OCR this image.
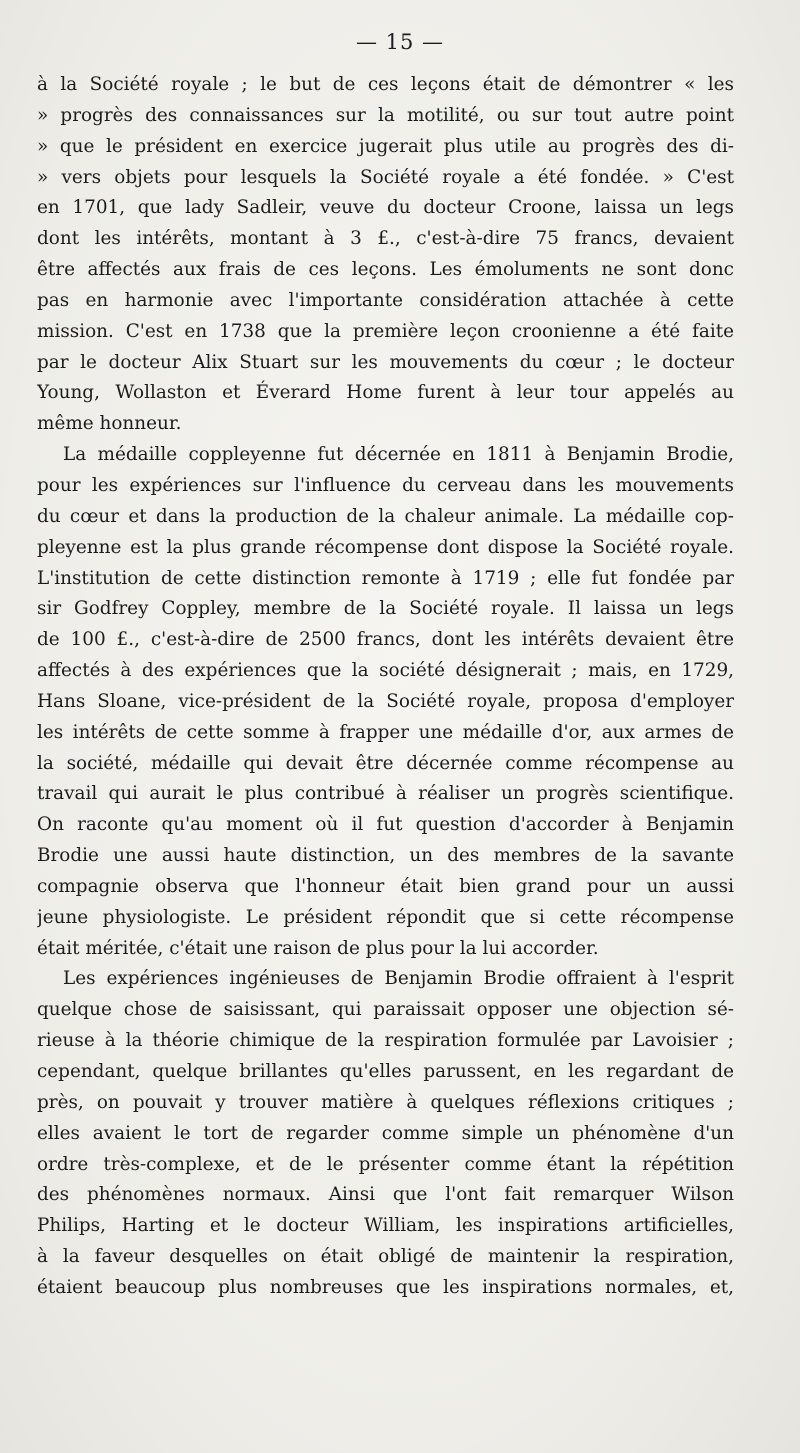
— 15 —
à la Société royale ; le but de ces leçons était de démontrer « les
» progrès des connaissances sur la motilité, ou sur tout autre point
» que le président en exercice jugerait plus utile au progrès des di-
» vers objets pour lesquels la Société royale a été fondée. » C'est
en 1701, que lady Sadleir, veuve du docteur Croone, laissa un legs
dont les intérêts, montant à 3 £., c'est-à-dire 75 francs, devaient
être affectés aux frais de ces leçons. Les émoluments ne sont donc
pas en harmonie avec l'importante considération attachée à cette
mission. C'est en 1738 que la première leçon croonienne a été faite
par le docteur Alix Stuart sur les mouvements du cœur ; le docteur
Young, Wollaston et Éverard Home furent à leur tour appelés au
même honneur.
La médaille coppleyenne fut décernée en 1811 à Benjamin Brodie,
pour les expériences sur l'influence du cerveau dans les mouvements
du cœur et dans la production de la chaleur animale. La médaille cop-
pleyenne est la plus grande récompense dont dispose la Société royale.
L'institution de cette distinction remonte à 1719 ; elle fut fondée par
sir Godfrey Coppley, membre de la Société royale. Il laissa un legs
de 100 £., c'est-à-dire de 2500 francs, dont les intérêts devaient être
affectés à des expériences que la société désignerait ; mais, en 1729,
Hans Sloane, vice-président de la Société royale, proposa d'employer
les intérêts de cette somme à frapper une médaille d'or, aux armes de
la société, médaille qui devait être décernée comme récompense au
travail qui aurait le plus contribué à réaliser un progrès scientifique.
On raconte qu'au moment où il fut question d'accorder à Benjamin
Brodie une aussi haute distinction, un des membres de la savante
compagnie observa que l'honneur était bien grand pour un aussi
jeune physiologiste. Le président répondit que si cette récompense
était méritée, c'était une raison de plus pour la lui accorder.
Les expériences ingénieuses de Benjamin Brodie offraient à l'esprit
quelque chose de saisissant, qui paraissait opposer une objection sé-
rieuse à la théorie chimique de la respiration formulée par Lavoisier ;
cependant, quelque brillantes qu'elles parussent, en les regardant de
près, on pouvait y trouver matière à quelques réflexions critiques ;
elles avaient le tort de regarder comme simple un phénomène d'un
ordre très-complexe, et de le présenter comme étant la répétition
des phénomènes normaux. Ainsi que l'ont fait remarquer Wilson
Philips, Harting et le docteur William, les inspirations artificielles,
à la faveur desquelles on était obligé de maintenir la respiration,
étaient beaucoup plus nombreuses que les inspirations normales, et,
